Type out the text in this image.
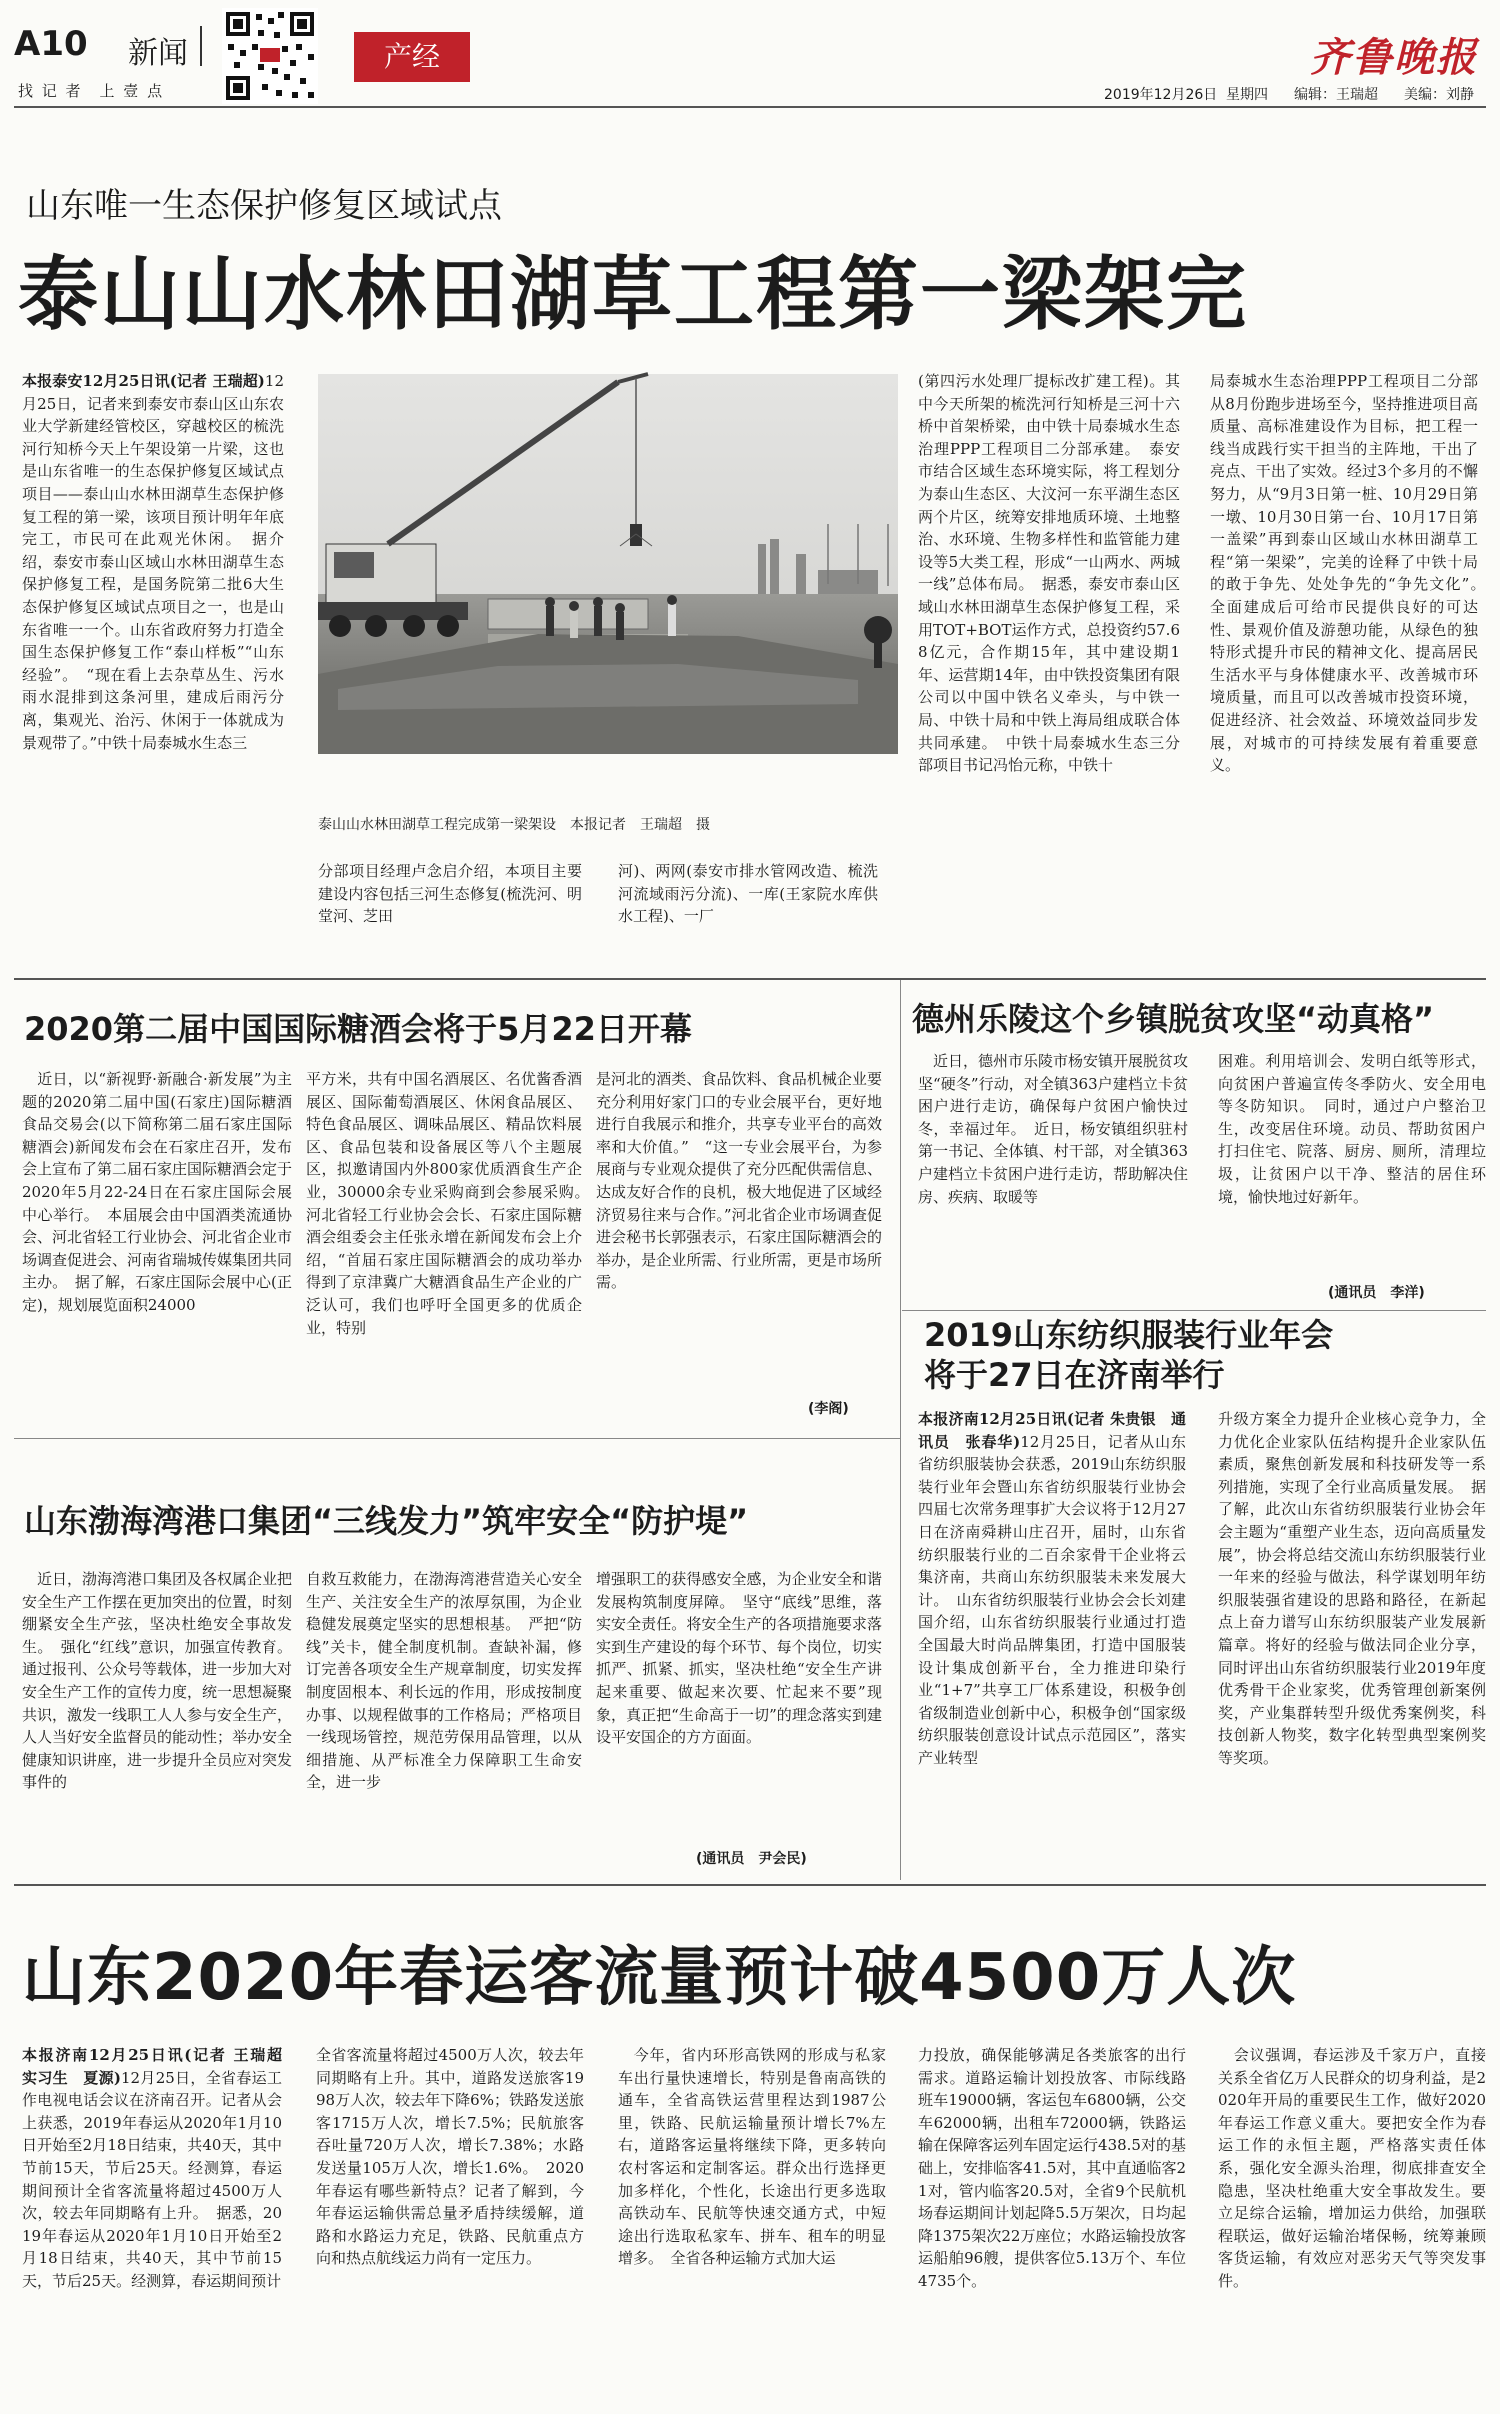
A10 新闻
找 记 者　上 壹 点
产经
2019年12月26日 星期四 编辑：王瑞超 美编：刘静
齐鲁晚报
山东唯一生态保护修复区域试点
泰山山水林田湖草工程第一梁架完
本报泰安12月25日讯(记者 王瑞超)12月25日，记者来到泰安市泰山区山东农业大学新建经管校区，穿越校区的梳洗河行知桥今天上午架设第一片梁，这也是山东省唯一的生态保护修复区域试点项目——泰山山水林田湖草生态保护修复工程的第一梁，该项目预计明年年底完工，市民可在此观光休闲。　据介绍，泰安市泰山区域山水林田湖草生态保护修复工程，是国务院第二批6大生态保护修复区域试点项目之一，也是山东省唯一一个。山东省政府努力打造全国生态保护修复工作“泰山样板”“山东经验”。　“现在看上去杂草丛生、污水雨水混排到这条河里，建成后雨污分离，集观光、治污、休闲于一体就成为景观带了。”中铁十局泰城水生态三
泰山山水林田湖草工程完成第一梁架设　本报记者　王瑞超　摄
分部项目经理卢念启介绍，本项目主要建设内容包括三河生态修复(梳洗河、明堂河、芝田
河)、两网(泰安市排水管网改造、梳洗河流域雨污分流)、一库(王家院水库供水工程)、一厂
(第四污水处理厂提标改扩建工程)。其中今天所架的梳洗河行知桥是三河十六桥中首架桥梁，由中铁十局泰城水生态治理PPP工程项目二分部承建。　泰安市结合区域生态环境实际，将工程划分为泰山生态区、大汶河一东平湖生态区两个片区，统筹安排地质环境、土地整治、水环境、生物多样性和监管能力建设等5大类工程，形成“一山两水、两城一线”总体布局。　据悉，泰安市泰山区域山水林田湖草生态保护修复工程，采用TOT+BOT运作方式，总投资约57.68亿元，合作期15年，其中建设期1年、运营期14年，由中铁投资集团有限公司以中国中铁名义牵头，与中铁一局、中铁十局和中铁上海局组成联合体共同承建。　中铁十局泰城水生态三分部项目书记冯怡元称，中铁十
局泰城水生态治理PPP工程项目二分部从8月份跑步进场至今，坚持推进项目高质量、高标准建设作为目标，把工程一线当成践行实干担当的主阵地，干出了亮点、干出了实效。经过3个多月的不懈努力，从“9月3日第一桩、10月29日第一墩、10月30日第一台、10月17日第一盖梁”再到泰山区域山水林田湖草工程“第一架梁”，完美的诠释了中铁十局的敢于争先、处处争先的“争先文化”。　全面建成后可给市民提供良好的可达性、景观价值及游憩功能，从绿色的独特形式提升市民的精神文化、提高居民生活水平与身体健康水平、改善城市环境质量，而且可以改善城市投资环境，促进经济、社会效益、环境效益同步发展，对城市的可持续发展有着重要意义。
2020第二届中国国际糖酒会将于5月22日开幕
　近日，以“新视野·新融合·新发展”为主题的2020第二届中国(石家庄)国际糖酒食品交易会(以下简称第二届石家庄国际糖酒会)新闻发布会在石家庄召开，发布会上宣布了第二届石家庄国际糖酒会定于2020年5月22-24日在石家庄国际会展中心举行。　本届展会由中国酒类流通协会、河北省轻工行业协会、河北省企业市场调查促进会、河南省瑞城传媒集团共同主办。　据了解，石家庄国际会展中心(正定)，规划展览面积24000
平方米，共有中国名酒展区、名优酱香酒展区、国际葡萄酒展区、休闲食品展区、特色食品展区、调味品展区、精品饮料展区、食品包装和设备展区等八个主题展区，拟邀请国内外800家优质酒食生产企业，30000余专业采购商到会参展采购。　河北省轻工行业协会会长、石家庄国际糖酒会组委会主任张永增在新闻发布会上介绍，“首届石家庄国际糖酒会的成功举办得到了京津冀广大糖酒食品生产企业的广泛认可，我们也呼吁全国更多的优质企业，特别
是河北的酒类、食品饮料、食品机械企业要充分利用好家门口的专业会展平台，更好地进行自我展示和推介，共享专业平台的高效率和大价值。”　“这一专业会展平台，为参展商与专业观众提供了充分匹配供需信息、达成友好合作的良机，极大地促进了区域经济贸易往来与合作。”河北省企业市场调查促进会秘书长郭强表示，石家庄国际糖酒会的举办，是企业所需、行业所需，更是市场所需。
(李阁)
德州乐陵这个乡镇脱贫攻坚“动真格”
　近日，德州市乐陵市杨安镇开展脱贫攻坚“硬冬”行动，对全镇363户建档立卡贫困户进行走访，确保每户贫困户愉快过冬，幸福过年。　近日，杨安镇组织驻村第一书记、全体镇、村干部，对全镇363户建档立卡贫困户进行走访，帮助解决住房、疾病、取暖等
困难。利用培训会、发明白纸等形式，向贫困户普遍宣传冬季防火、安全用电等冬防知识。　同时，通过户户整治卫生，改变居住环境。动员、帮助贫困户打扫住宅、院落、厨房、厕所，清理垃圾，让贫困户以干净、整洁的居住环境，愉快地过好新年。
(通讯员　李洋)
2019山东纺织服装行业年会
将于27日在济南举行
本报济南12月25日讯(记者 朱贵银　通讯员　张春华)12月25日，记者从山东省纺织服装协会获悉，2019山东纺织服装行业年会暨山东省纺织服装行业协会四届七次常务理事扩大会议将于12月27日在济南舜耕山庄召开，届时，山东省纺织服装行业的二百余家骨干企业将云集济南，共商山东纺织服装未来发展大计。　山东省纺织服装行业协会会长刘建国介绍，山东省纺织服装行业通过打造全国最大时尚品牌集团，打造中国服装设计集成创新平台，全力推进印染行业“1+7”共享工厂体系建设，积极争创省级制造业创新中心，积极争创“国家级纺织服装创意设计试点示范园区”，落实产业转型
升级方案全力提升企业核心竞争力，全力优化企业家队伍结构提升企业家队伍素质，聚焦创新发展和科技研发等一系列措施，实现了全行业高质量发展。　据了解，此次山东省纺织服装行业协会年会主题为“重塑产业生态，迈向高质量发展”，协会将总结交流山东纺织服装行业一年来的经验与做法，科学谋划明年纺织服装强省建设的思路和路径，在新起点上奋力谱写山东纺织服装产业发展新篇章。将好的经验与做法同企业分享，同时评出山东省纺织服装行业2019年度优秀骨干企业家奖，优秀管理创新案例奖，产业集群转型升级优秀案例奖，科技创新人物奖，数字化转型典型案例奖等奖项。
山东渤海湾港口集团“三线发力”筑牢安全“防护堤”
　近日，渤海湾港口集团及各权属企业把安全生产工作摆在更加突出的位置，时刻绷紧安全生产弦，坚决杜绝安全事故发生。　强化“红线”意识，加强宣传教育。通过报刊、公众号等载体，进一步加大对安全生产工作的宣传力度，统一思想凝聚共识，激发一线职工人人参与安全生产，人人当好安全监督员的能动性；举办安全健康知识讲座，进一步提升全员应对突发事件的
自救互救能力，在渤海湾港营造关心安全生产、关注安全生产的浓厚氛围，为企业稳健发展奠定坚实的思想根基。　严把“防线”关卡，健全制度机制。查缺补漏，修订完善各项安全生产规章制度，切实发挥制度固根本、利长远的作用，形成按制度办事、以规程做事的工作格局；严格项目一线现场管控，规范劳保用品管理，以从细措施、从严标准全力保障职工生命安全，进一步
增强职工的获得感安全感，为企业安全和谐发展构筑制度屏障。　坚守“底线”思维，落实安全责任。将安全生产的各项措施要求落实到生产建设的每个环节、每个岗位，切实抓严、抓紧、抓实，坚决杜绝“安全生产讲起来重要、做起来次要、忙起来不要”现象，真正把“生命高于一切”的理念落实到建设平安国企的方方面面。
(通讯员　尹会民)
山东2020年春运客流量预计破4500万人次
本报济南12月25日讯(记者 王瑞超　实习生　夏源)12月25日，全省春运工作电视电话会议在济南召开。记者从会上获悉，2019年春运从2020年1月10日开始至2月18日结束，共40天，其中节前15天，节后25天。经测算，春运期间预计全省客流量将超过4500万人次，较去年同期略有上升。　据悉，2019年春运从2020年1月10日开始至2月18日结束，共40天，其中节前15天，节后25天。经测算，春运期间预计
全省客流量将超过4500万人次，较去年同期略有上升。其中，道路发送旅客1998万人次，较去年下降6%；铁路发送旅客1715万人次，增长7.5%；民航旅客吞吐量720万人次，增长7.38%；水路发送量105万人次，增长1.6%。　2020年春运有哪些新特点？记者了解到，今年春运运输供需总量矛盾持续缓解，道路和水路运力充足，铁路、民航重点方向和热点航线运力尚有一定压力。
　今年，省内环形高铁网的形成与私家车出行量快速增长，特别是鲁南高铁的通车，全省高铁运营里程达到1987公里，铁路、民航运输量预计增长7%左右，道路客运量将继续下降，更多转向农村客运和定制客运。群众出行选择更加多样化，个性化，长途出行更多选取高铁动车、民航等快速交通方式，中短途出行选取私家车、拼车、租车的明显增多。　全省各种运输方式加大运
力投放，确保能够满足各类旅客的出行需求。道路运输计划投放客、市际线路班车19000辆，客运包车6800辆，公交车62000辆，出租车72000辆，铁路运输在保障客运列车固定运行438.5对的基础上，安排临客41.5对，其中直通临客21对，管内临客20.5对，全省9个民航机场春运期间计划起降5.5万架次，日均起降1375架次22万座位；水路运输投放客运船舶96艘，提供客位5.13万个、车位4735个。
　会议强调，春运涉及千家万户，直接关系全省亿万人民群众的切身利益，是2020年开局的重要民生工作，做好2020年春运工作意义重大。要把安全作为春运工作的永恒主题，严格落实责任体系，强化安全源头治理，彻底排查安全隐患，坚决杜绝重大安全事故发生。要立足综合运输，增加运力供给，加强联程联运，做好运输治堵保畅，统筹兼顾客货运输，有效应对恶劣天气等突发事件。
